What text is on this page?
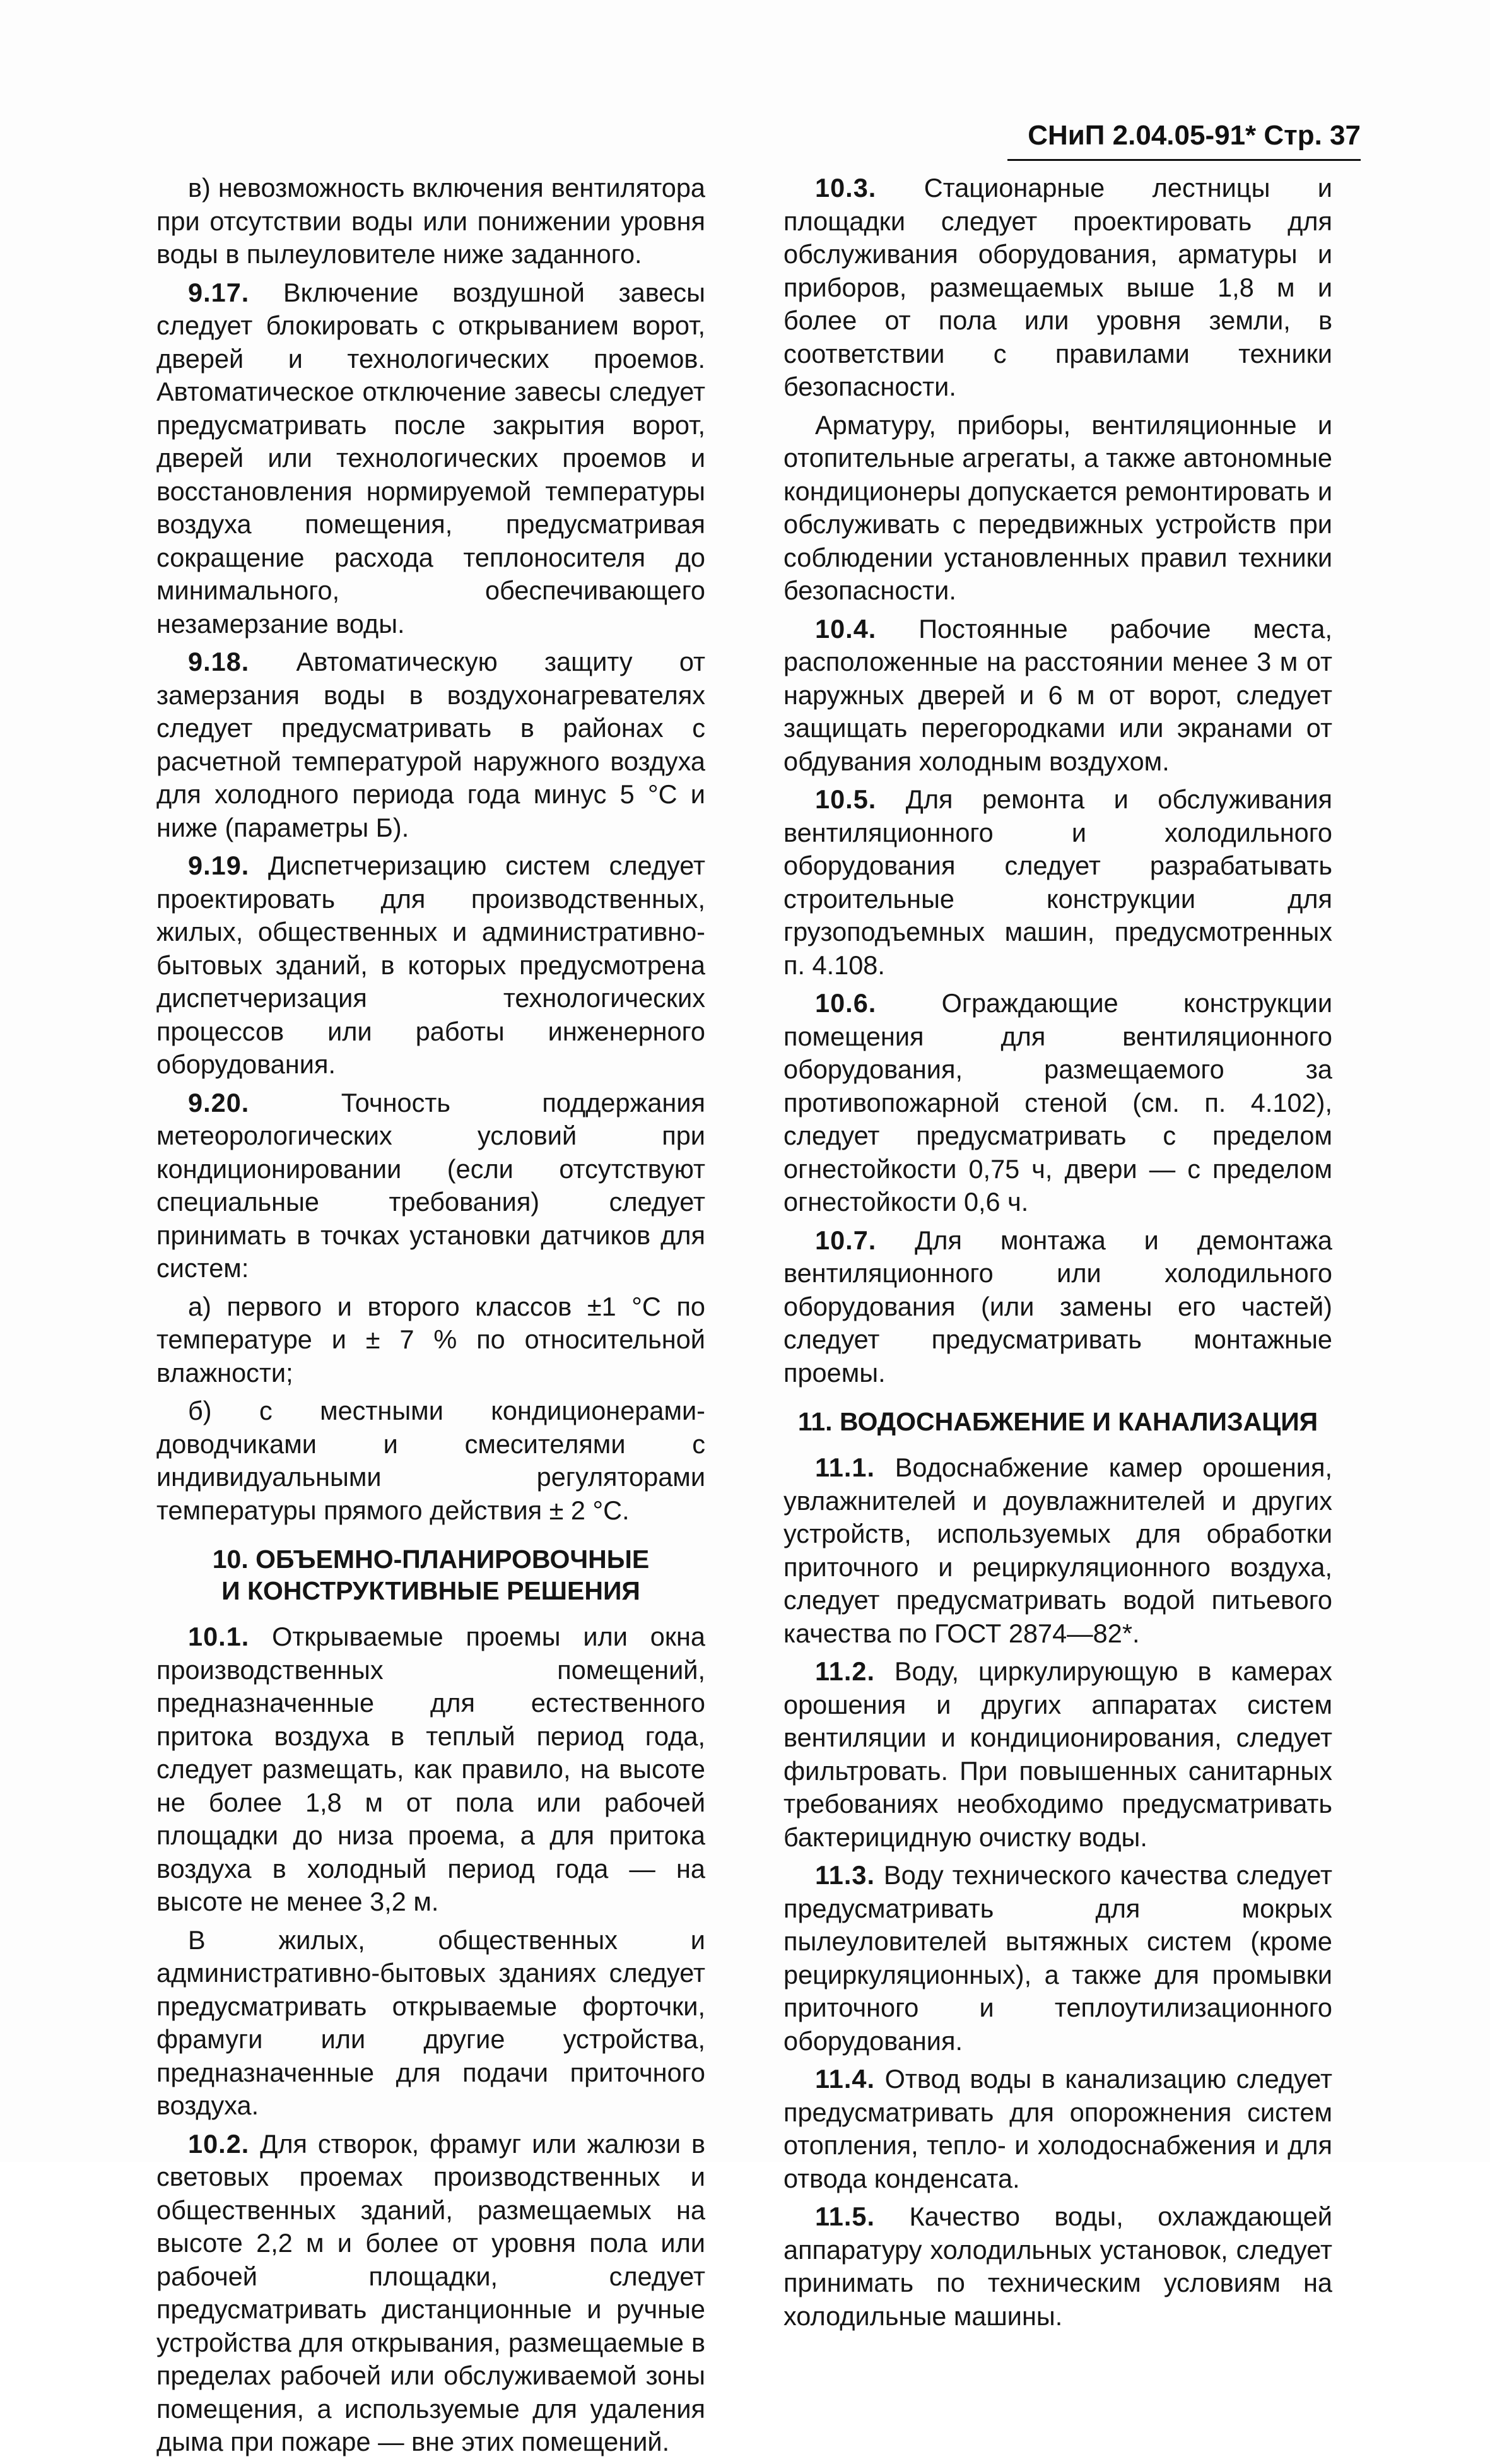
СНиП 2.04.05-91* Стр. 37

в) невозможность включения вентилятора при отсутствии воды или понижении уровня воды в пылеуловителе ниже заданного.

9.17. Включение воздушной завесы следует блокировать с открыванием ворот, дверей и технологических проемов. Автоматическое отключение завесы следует предусматривать после закрытия ворот, дверей или технологических проемов и восстановления нормируемой температуры воздуха помещения, предусматривая сокращение расхода теплоносителя до минимального, обеспечивающего незамерзание воды.

9.18. Автоматическую защиту от замерзания воды в воздухонагревателях следует предусматривать в районах с расчетной температурой наружного воздуха для холодного периода года минус 5 °С и ниже (параметры Б).

9.19. Диспетчеризацию систем следует проектировать для производственных, жилых, общественных и административно-бытовых зданий, в которых предусмотрена диспетчеризация технологических процессов или работы инженерного оборудования.

9.20.	Точность поддержания метеорологических условий при кондиционировании (если отсутствуют специальные требования) следует принимать в точках установки датчиков для систем:

а) первого и второго классов ±1 °С по температуре и ± 7 % по относительной влажности;

б) с местными кондиционерами-доводчиками и смесителями с индивидуальными регуляторами температуры прямого действия ± 2 °С.

10. ОБЪЕМНО-ПЛАНИРОВОЧНЫЕ
И КОНСТРУКТИВНЫЕ РЕШЕНИЯ

10.1. Открываемые проемы или окна производственных помещений, предназначенные для естественного притока воздуха в теплый период года, следует размещать, как правило, на высоте не более 1,8 м от пола или рабочей площадки до низа проема, а для притока воздуха в холодный период года — на высоте не менее 3,2 м.

В жилых, общественных и административно-бытовых зданиях следует предусматривать открываемые форточки, фрамуги или другие устройства, предназначенные для подачи приточного воздуха.

10.2. Для створок, фрамуг или жалюзи в световых проемах производственных и общественных зданий, размещаемых на высоте 2,2 м и более от уровня пола или рабочей площадки, следует предусматривать дистанционные и ручные устройства для открывания, размещаемые в пределах рабочей или обслуживаемой зоны помещения, а используемые для удаления дыма при пожаре — вне этих помещений.

10.3. Стационарные лестницы и площадки следует проектировать для обслуживания оборудования, арматуры и приборов, размещаемых выше 1,8 м и более от пола или уровня земли, в соответствии с правилами техники безопасности.

Арматуру, приборы, вентиляционные и отопительные агрегаты, а также автономные кондиционеры допускается ремонтировать и обслуживать с передвижных устройств при соблюдении установленных правил техники безопасности.

10.4. Постоянные рабочие места, расположенные на расстоянии менее 3 м от наружных дверей и 6 м от ворот, следует защищать перегородками или экранами от обдувания холодным воздухом.

10.5. Для ремонта и обслуживания вентиляционного и холодильного оборудования следует разрабатывать строительные конструкции для грузоподъемных машин, предусмотренных п. 4.108.

10.6. Ограждающие конструкции помещения для вентиляционного оборудования, размещаемого за противопожарной стеной (см. п. 4.102), следует предусматривать с пределом огнестойкости 0,75 ч, двери — с пределом огнестойкости 0,6 ч.

10.7. Для монтажа и демонтажа вентиляционного или холодильного оборудования (или замены его частей) следует предусматривать монтажные проемы.

11. ВОДОСНАБЖЕНИЕ И КАНАЛИЗАЦИЯ

11.1. Водоснабжение камер орошения, увлажнителей и доувлажнителей и других устройств, используемых для обработки приточного и рециркуляционного воздуха, следует предусматривать водой питьевого качества по ГОСТ 2874—82*.

11.2. Воду, циркулирующую в камерах орошения и других аппаратах систем вентиляции и кондиционирования, следует фильтровать. При повышенных санитарных требованиях необходимо предусматривать бактерицидную очистку воды.

11.3. Воду технического качества следует предусматривать для мокрых пылеуловителей вытяжных систем (кроме рециркуляционных), а также для промывки приточного и теплоутилизационного оборудования.

11.4. Отвод воды в канализацию следует предусматривать для опорожнения систем отопления, тепло- и холодоснабжения и для отвода конденсата.

11.5. Качество воды, охлаждающей аппаратуру холодильных установок, следует принимать по техническим условиям на холодильные машины.
